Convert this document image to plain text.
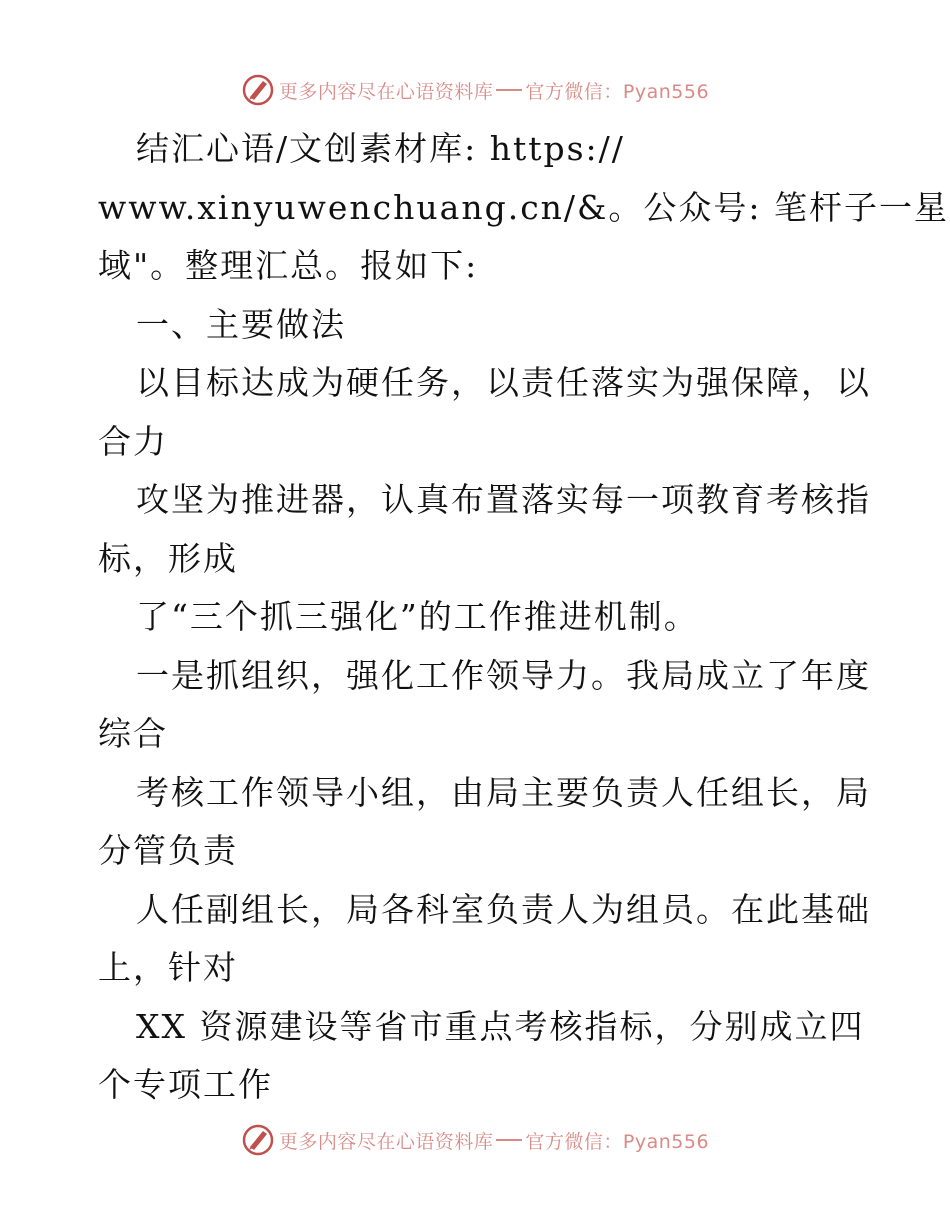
更多内容尽在心语资料库 官方微信：Pyan556
结汇心语/文创素材库: https://
www.xinyuwenchuang.cn/&。公众号: 笔杆子一星
域"。整理汇总。报如下:
一、主要做法
以目标达成为硬任务，以责任落实为强保障，以
合力
攻坚为推进器，认真布置落实每一项教育考核指
标，形成
了“三个抓三强化”的工作推进机制。
一是抓组织，强化工作领导力。我局成立了年度
综合
考核工作领导小组，由局主要负责人任组长，局
分管负责
人任副组长，局各科室负责人为组员。在此基础
上，针对
XX 资源建设等省市重点考核指标，分别成立四
个专项工作
更多内容尽在心语资料库 官方微信：Pyan556
